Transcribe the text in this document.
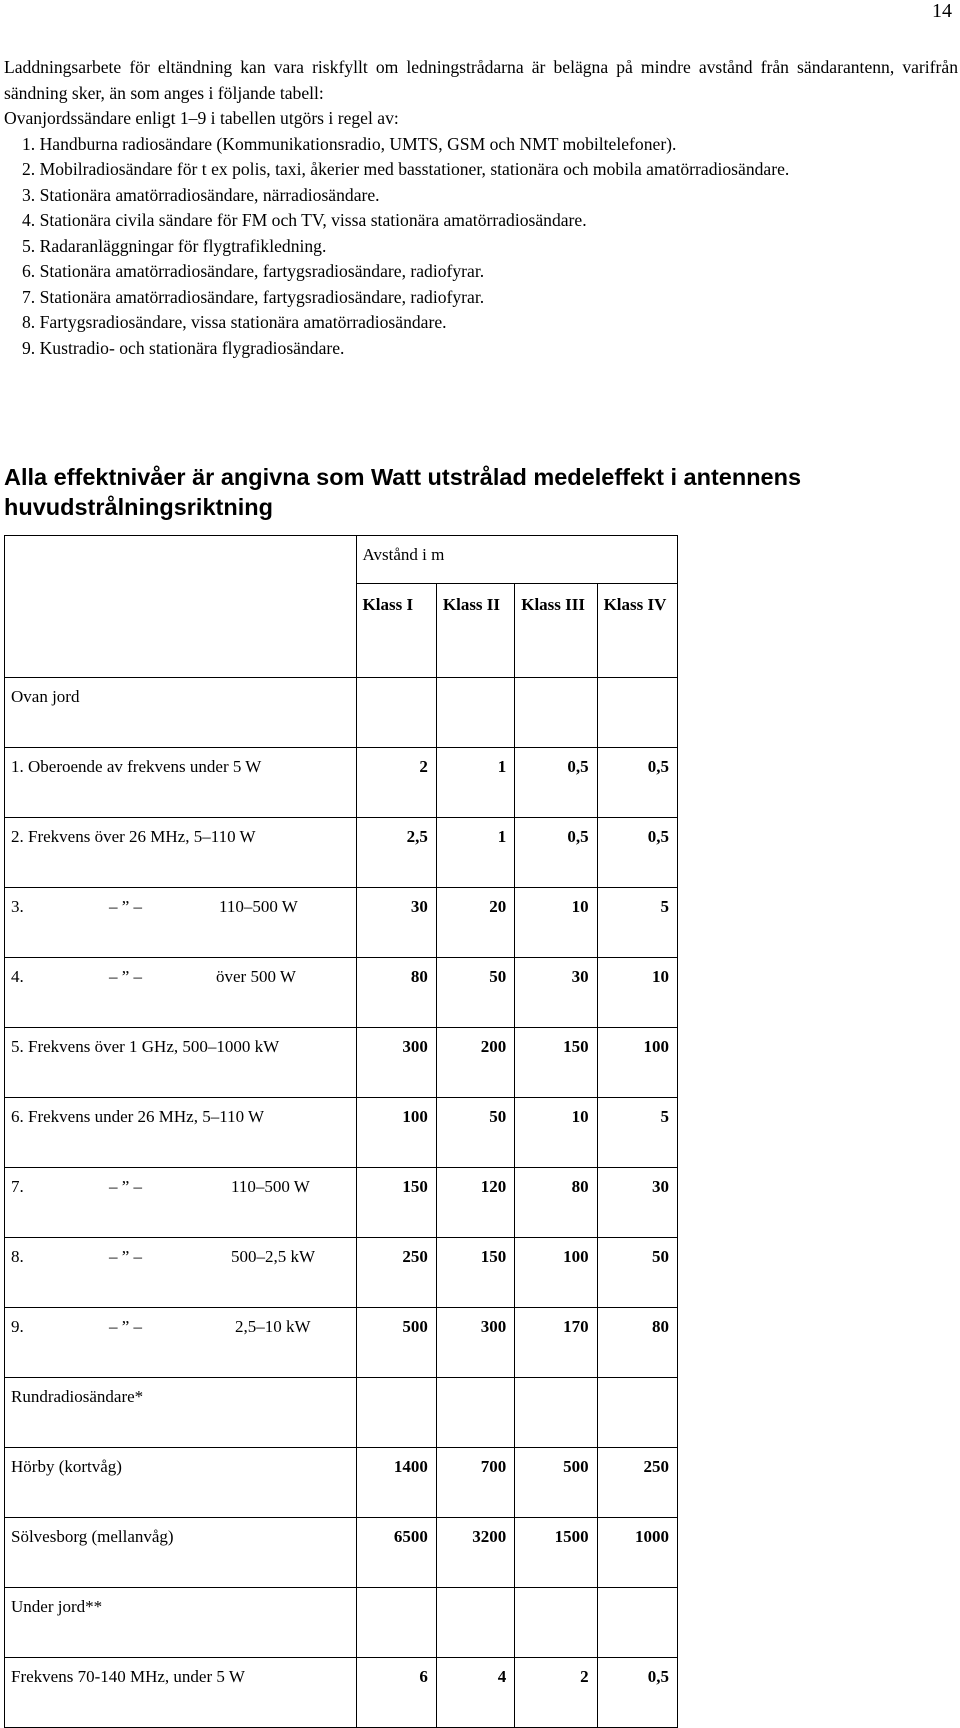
14
Laddningsarbete för eltändning kan vara riskfyllt om ledningstrådarna är belägna på mindre avstånd från sändarantenn, varifrån sändning sker, än som anges i följande tabell:
Ovanjordssändare enligt 1–9 i tabellen utgörs i regel av:
1. Handburna radiosändare (Kommunikationsradio, UMTS, GSM och NMT mobiltelefoner).
2. Mobilradiosändare för t ex polis, taxi, åkerier med basstationer, stationära och mobila amatörradiosändare.
3. Stationära amatörradiosändare, närradiosändare.
4. Stationära civila sändare för FM och TV, vissa stationära amatörradiosändare.
5. Radaranläggningar för flygtrafikledning.
6. Stationära amatörradiosändare, fartygsradiosändare, radiofyrar.
7. Stationära amatörradiosändare, fartygsradiosändare, radiofyrar.
8. Fartygsradiosändare, vissa stationära amatörradiosändare.
9. Kustradio- och stationära flygradiosändare.
Alla effektnivåer är angivna som Watt utstrålad medeleffekt i antennens huvudstrålningsriktning
	Avstånd i m			
	Klass I	Klass II	Klass III	Klass IV
Ovan jord				
1. Oberoende av frekvens under 5 W	2	1	0,5	0,5
2. Frekvens över 26 MHz, 5–110 W	2,5	1	0,5	0,5
3. – ” – 110–500 W	30	20	10	5
4. – ” – över 500 W	80	50	30	10
5. Frekvens över 1 GHz, 500–1000 kW	300	200	150	100
6. Frekvens under 26 MHz, 5–110 W	100	50	10	5
7. – ” – 110–500 W	150	120	80	30
8. – ” – 500–2,5 kW	250	150	100	50
9. – ” – 2,5–10 kW	500	300	170	80
Rundradiosändare*				
Hörby (kortvåg)	1400	700	500	250
Sölvesborg (mellanvåg)	6500	3200	1500	1000
Under jord**				
Frekvens 70-140 MHz, under 5 W	6	4	2	0,5
